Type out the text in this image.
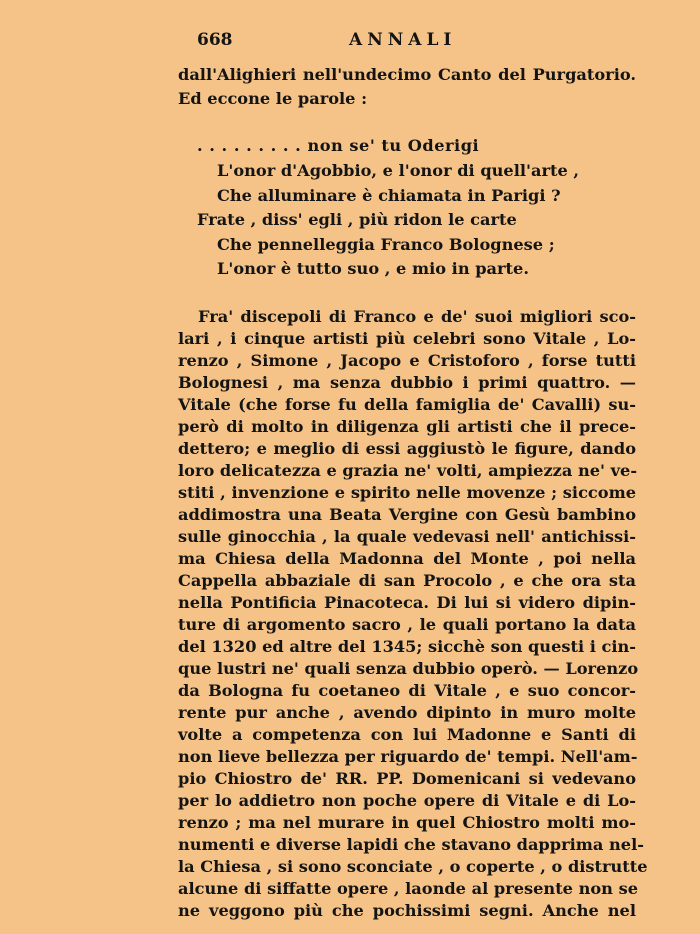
668	ANNALI
dall'Alighieri nell'undecimo Canto del Purgatorio.
Ed eccone le parole :
. . . . . . . . . non se' tu Oderigi
L'onor d'Agobbio, e l'onor di quell'arte ,
Che alluminare è chiamata in Parigi ?
Frate , diss' egli , più ridon le carte
Che pennelleggia Franco Bolognese ;
L'onor è tutto suo , e mio in parte.
Fra' discepoli di Franco e de' suoi migliori sco-
lari , i cinque artisti più celebri sono Vitale , Lo-
renzo , Simone , Jacopo e Cristoforo , forse tutti
Bolognesi , ma senza dubbio i primi quattro. —
Vitale (che forse fu della famiglia de' Cavalli) su-
però di molto in diligenza gli artisti che il prece-
dettero; e meglio di essi aggiustò le figure, dando
loro delicatezza e grazia ne' volti, ampiezza ne' ve-
stiti , invenzione e spirito nelle movenze ; siccome
addimostra una Beata Vergine con Gesù bambino
sulle ginocchia , la quale vedevasi nell' antichissi-
ma Chiesa della Madonna del Monte , poi nella
Cappella abbaziale di san Procolo , e che ora sta
nella Pontificia Pinacoteca. Di lui si videro dipin-
ture di argomento sacro , le quali portano la data
del 1320 ed altre del 1345; sicchè son questi i cin-
que lustri ne' quali senza dubbio operò. — Lorenzo
da Bologna fu coetaneo di Vitale , e suo concor-
rente pur anche , avendo dipinto in muro molte
volte a competenza con lui Madonne e Santi di
non lieve bellezza per riguardo de' tempi. Nell'am-
pio Chiostro de' RR. PP. Domenicani si vedevano
per lo addietro non poche opere di Vitale e di Lo-
renzo ; ma nel murare in quel Chiostro molti mo-
numenti e diverse lapidi che stavano dapprima nel-
la Chiesa , si sono sconciate , o coperte , o distrutte
alcune di siffatte opere , laonde al presente non se
ne veggono più che pochissimi segni. Anche nel
